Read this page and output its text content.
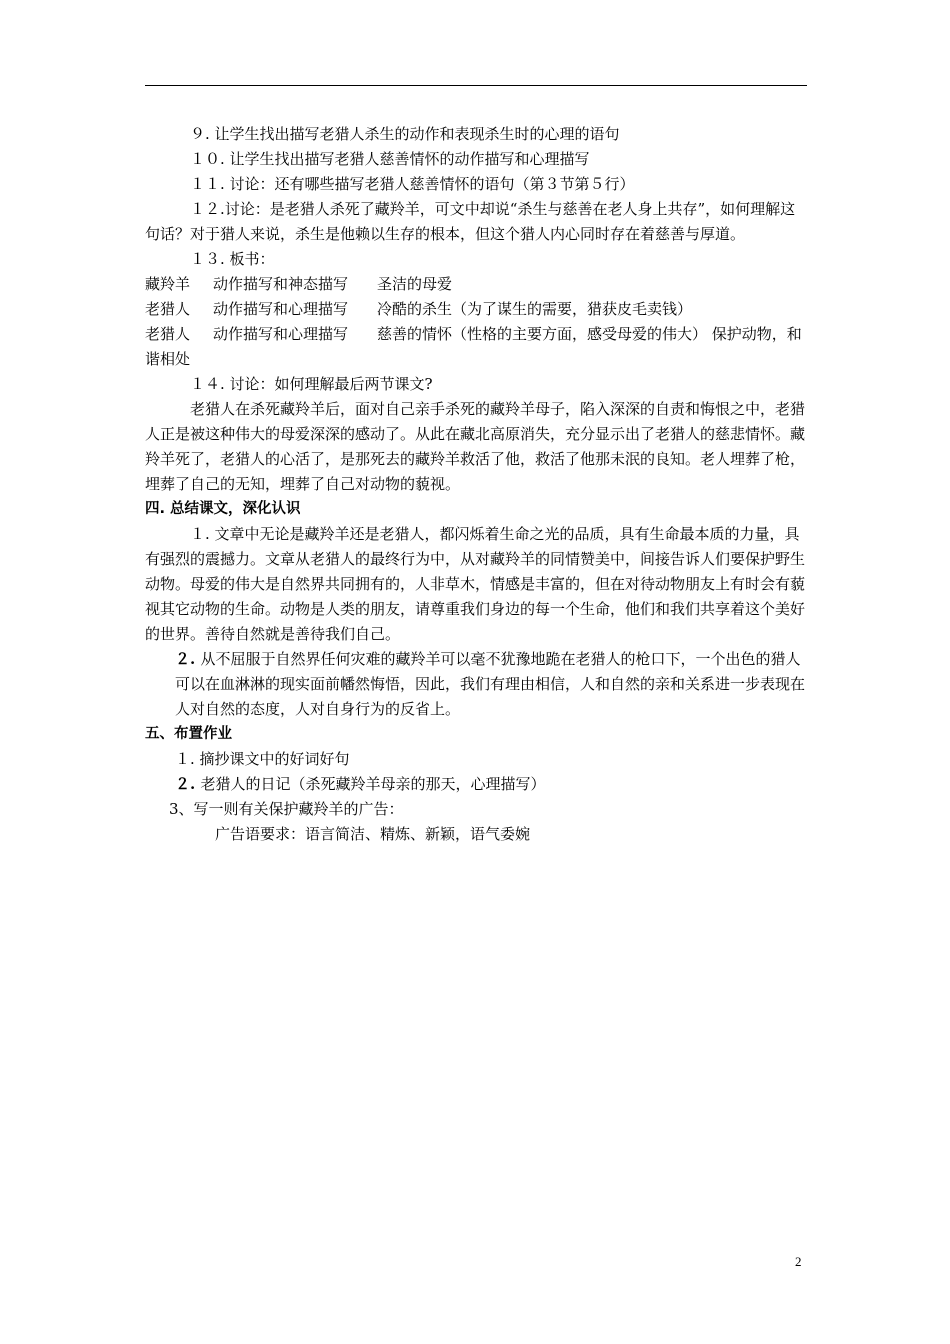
９. 让学生找出描写老猎人杀生的动作和表现杀生时的心理的语句

１０. 让学生找出描写老猎人慈善情怀的动作描写和心理描写

１１. 讨论：还有哪些描写老猎人慈善情怀的语句（第３节第５行）

１２.讨论：是老猎人杀死了藏羚羊，可文中却说“杀生与慈善在老人身上共存”，如何理解这句话？对于猎人来说，杀生是他赖以生存的根本，但这个猎人内心同时存在着慈善与厚道。

１３. 板书：

藏羚羊	动作描写和神态描写	圣洁的母爱
老猎人	动作描写和心理描写	冷酷的杀生（为了谋生的需要，猎获皮毛卖钱）

老猎人 动作描写和心理描写 慈善的情怀（性格的主要方面，感受母爱的伟大） 保护动物，和谐相处

１４. 讨论：如何理解最后两节课文?

老猎人在杀死藏羚羊后，面对自己亲手杀死的藏羚羊母子，陷入深深的自责和悔恨之中，老猎人正是被这种伟大的母爱深深的感动了。从此在藏北高原消失，充分显示出了老猎人的慈悲情怀。藏羚羊死了，老猎人的心活了，是那死去的藏羚羊救活了他，救活了他那未泯的良知。老人埋葬了枪，埋葬了自己的无知，埋葬了自己对动物的藐视。

四. 总结课文，深化认识

１. 文章中无论是藏羚羊还是老猎人，都闪烁着生命之光的品质，具有生命最本质的力量，具有强烈的震撼力。文章从老猎人的最终行为中，从对藏羚羊的同情赞美中，间接告诉人们要保护野生动物。母爱的伟大是自然界共同拥有的，人非草木，情感是丰富的，但在对待动物朋友上有时会有藐视其它动物的生命。动物是人类的朋友，请尊重我们身边的每一个生命，他们和我们共享着这个美好的世界。善待自然就是善待我们自己。

２. 从不屈服于自然界任何灾难的藏羚羊可以毫不犹豫地跪在老猎人的枪口下，一个出色的猎人可以在血淋淋的现实面前幡然悔悟，因此，我们有理由相信，人和自然的亲和关系进一步表现在人对自然的态度，人对自身行为的反省上。

五、布置作业

１. 摘抄课文中的好词好句

２. 老猎人的日记（杀死藏羚羊母亲的那天，心理描写）

3、写一则有关保护藏羚羊的广告：

广告语要求：语言简洁、精炼、新颖，语气委婉

2
